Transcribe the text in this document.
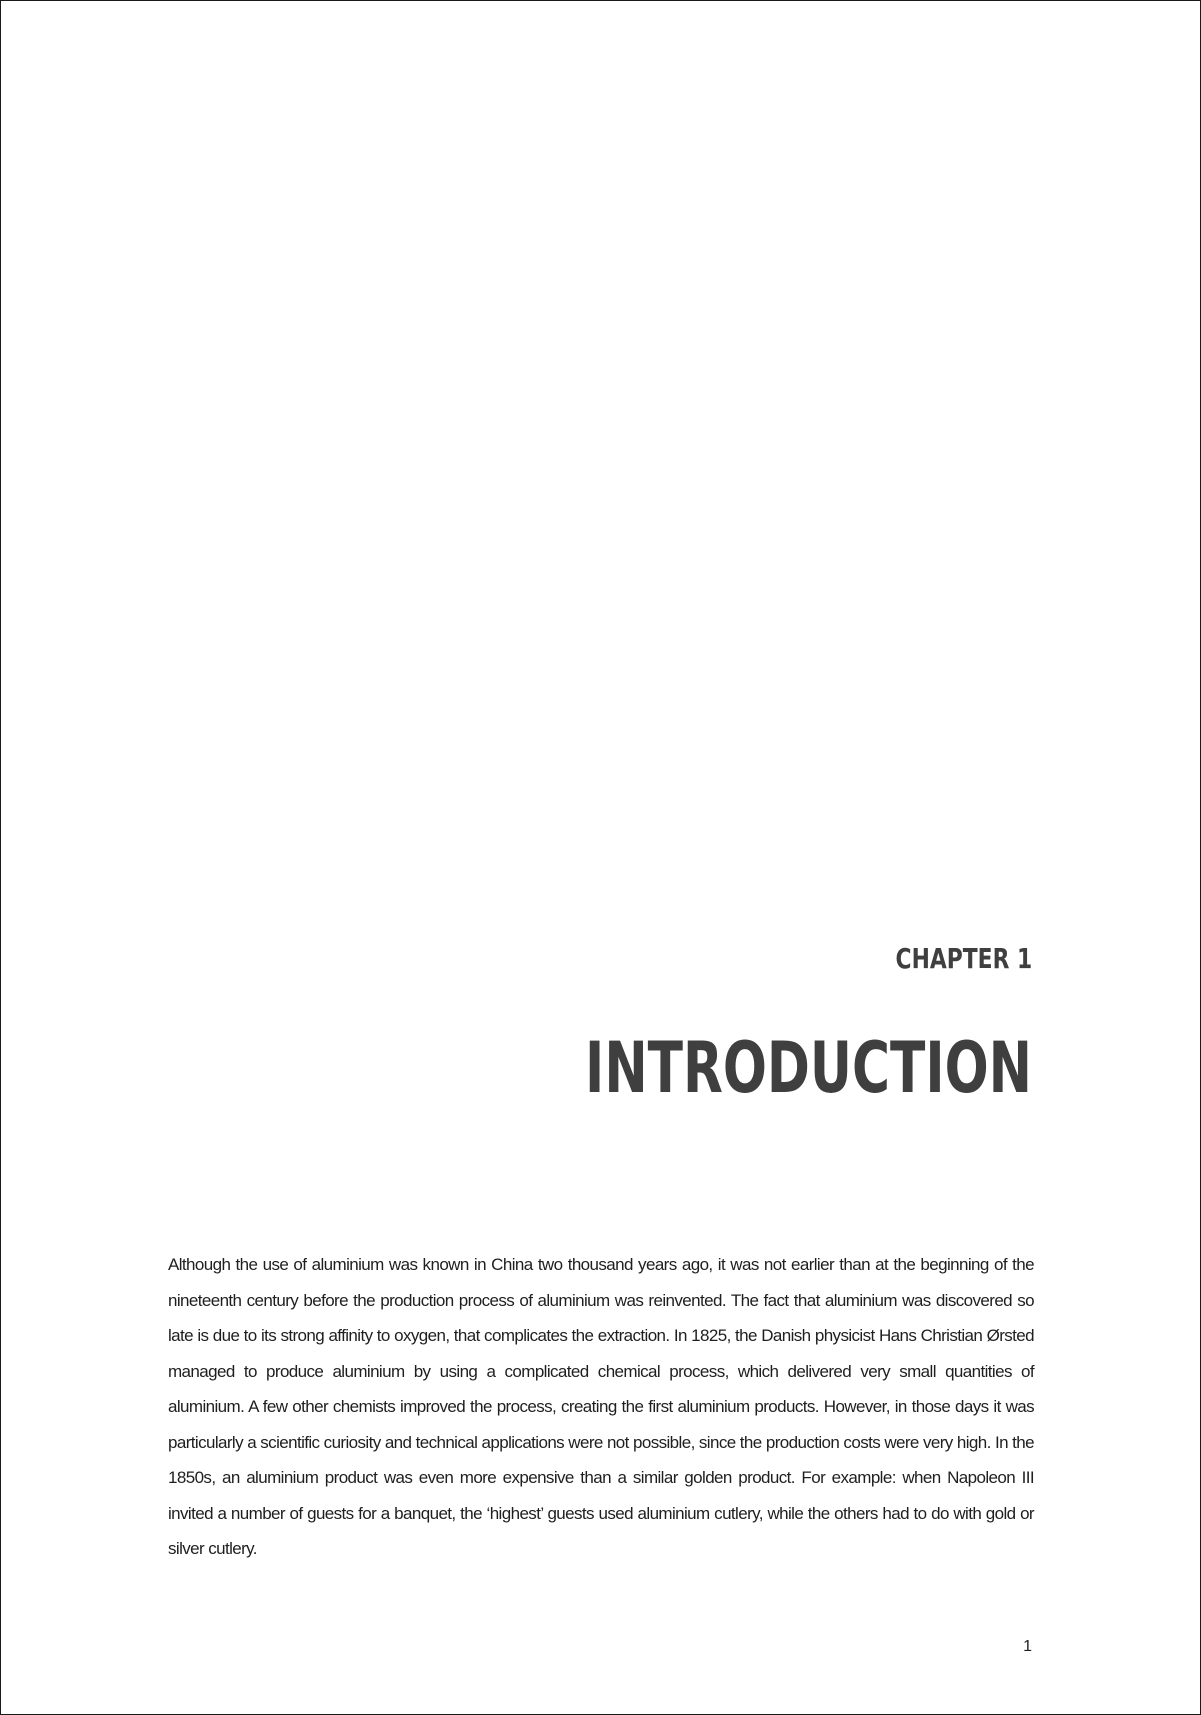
CHAPTER 1
INTRODUCTION

Although the use of aluminium was known in China two thousand years ago, it was not earlier than at the beginning of the nineteenth century before the production process of aluminium was reinvented. The fact that aluminium was discovered so late is due to its strong affinity to oxygen, that complicates the extraction. In 1825, the Danish physicist Hans Christian Ørsted managed to produce aluminium by using a complicated chemical process, which delivered very small quantities of aluminium. A few other chemists improved the process, creating the first aluminium products. However, in those days it was particularly a scientific curiosity and technical applications were not possible, since the production costs were very high. In the 1850s, an aluminium product was even more expensive than a similar golden product. For example: when Napoleon III invited a number of guests for a banquet, the ‘highest’ guests used aluminium cutlery, while the others had to do with gold or silver cutlery.

1
